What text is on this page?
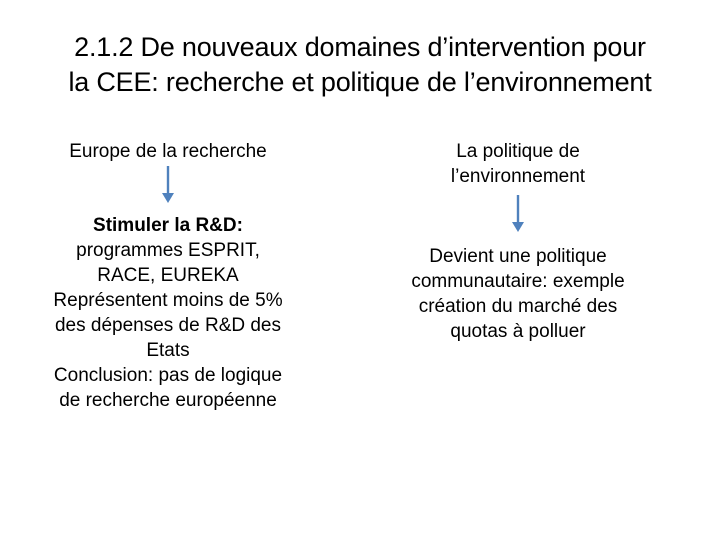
2.1.2 De nouveaux domaines d’intervention pour
la CEE: recherche et politique de l’environnement
Europe de la recherche
Stimuler la R&D:
programmes ESPRIT,
RACE, EUREKA
Représentent moins de 5%
des dépenses de R&D des
Etats
Conclusion: pas de logique
de recherche européenne
La politique de
l’environnement
Devient une politique
communautaire: exemple
création du marché des
quotas à polluer
